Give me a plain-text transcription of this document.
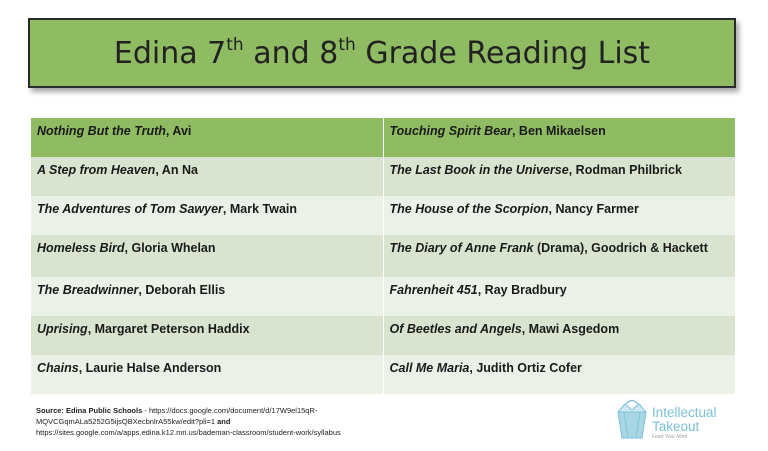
Edina 7th and 8th Grade Reading List
Nothing But the Truth, Avi	Touching Spirit Bear, Ben Mikaelsen
A Step from Heaven, An Na	The Last Book in the Universe, Rodman Philbrick
The Adventures of Tom Sawyer, Mark Twain	The House of the Scorpion, Nancy Farmer
Homeless Bird, Gloria Whelan	The Diary of Anne Frank (Drama), Goodrich & Hackett
The Breadwinner, Deborah Ellis	Fahrenheit 451, Ray Bradbury
Uprising, Margaret Peterson Haddix	Of Beetles and Angels, Mawi Asgedom
Chains, Laurie Halse Anderson	Call Me Maria, Judith Ortiz Cofer
Source: Edina Public Schools - https://docs.google.com/document/d/17W9el15qR-MQVCGqmALa5252G5ijsQBXecbnlrA55kw/edit?pli=1 and
https://sites.google.com/a/apps.edina.k12.mn.us/bademan-classroom/student-work/syllabus
Intellectual
Takeout
Feed Your Mind
